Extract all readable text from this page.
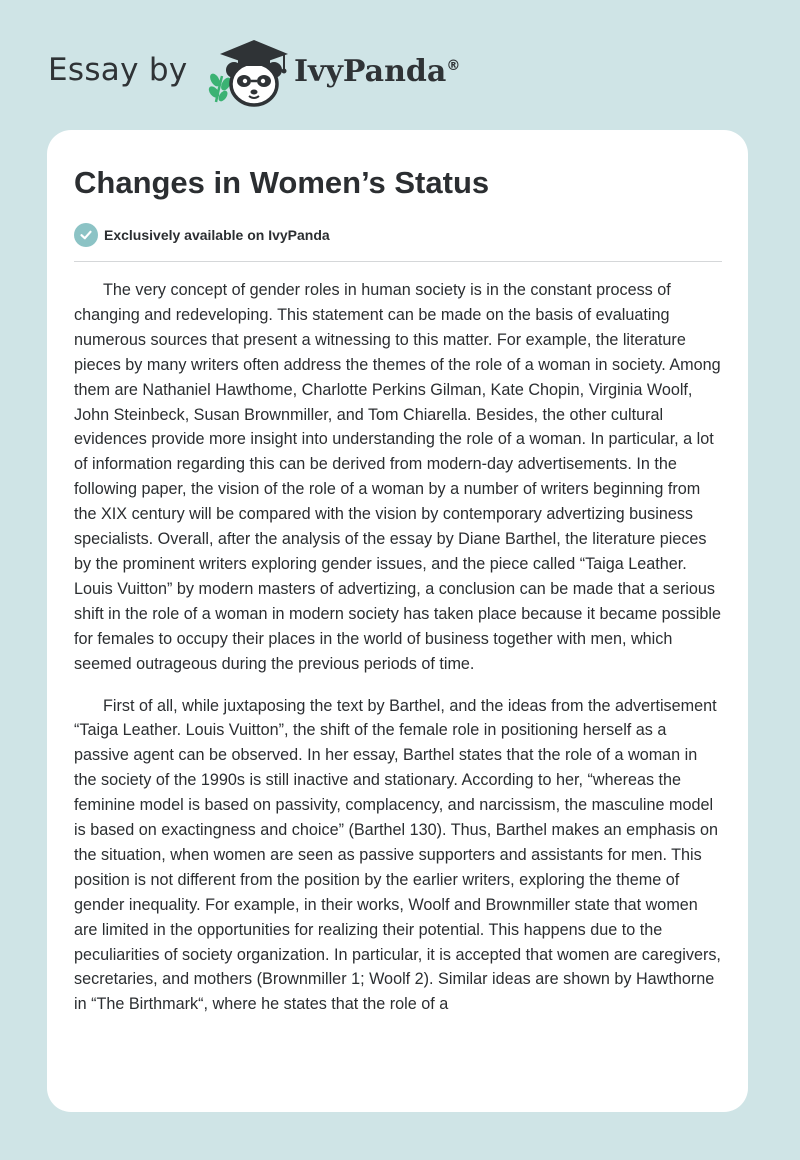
Essay by	IvyPanda®
Changes in Women’s Status
Exclusively available on IvyPanda

The very concept of gender roles in human society is in the constant process of changing and redeveloping. This statement can be made on the basis of evaluating numerous sources that present a witnessing to this matter. For example, the literature pieces by many writers often address the themes of the role of a woman in society. Among them are Nathaniel Hawthome, Charlotte Perkins Gilman, Kate Chopin, Virginia Woolf, John Steinbeck, Susan Brownmiller, and Tom Chiarella. Besides, the other cultural evidences provide more insight into understanding the role of a woman. In particular, a lot of information regarding this can be derived from modern-day advertisements. In the following paper, the vision of the role of a woman by a number of writers beginning from the XIX century will be compared with the vision by contemporary advertizing business specialists. Overall, after the analysis of the essay by Diane Barthel, the literature pieces by the prominent writers exploring gender issues, and the piece called “Taiga Leather. Louis Vuitton” by modern masters of advertizing, a conclusion can be made that a serious shift in the role of a woman in modern society has taken place because it became possible for females to occupy their places in the world of business together with men, which seemed outrageous during the previous periods of time.

First of all, while juxtaposing the text by Barthel, and the ideas from the advertisement “Taiga Leather. Louis Vuitton”, the shift of the female role in positioning herself as a passive agent can be observed. In her essay, Barthel states that the role of a woman in the society of the 1990s is still inactive and stationary. According to her, “whereas the feminine model is based on passivity, complacency, and narcissism, the masculine model is based on exactingness and choice” (Barthel 130). Thus, Barthel makes an emphasis on the situation, when women are seen as passive supporters and assistants for men. This position is not different from the position by the earlier writers, exploring the theme of gender inequality. For example, in their works, Woolf and Brownmiller state that women are limited in the opportunities for realizing their potential. This happens due to the peculiarities of society organization. In particular, it is accepted that women are caregivers, secretaries, and mothers (Brownmiller 1; Woolf 2). Similar ideas are shown by Hawthorne in “The Birthmark“, where he states that the role of a
